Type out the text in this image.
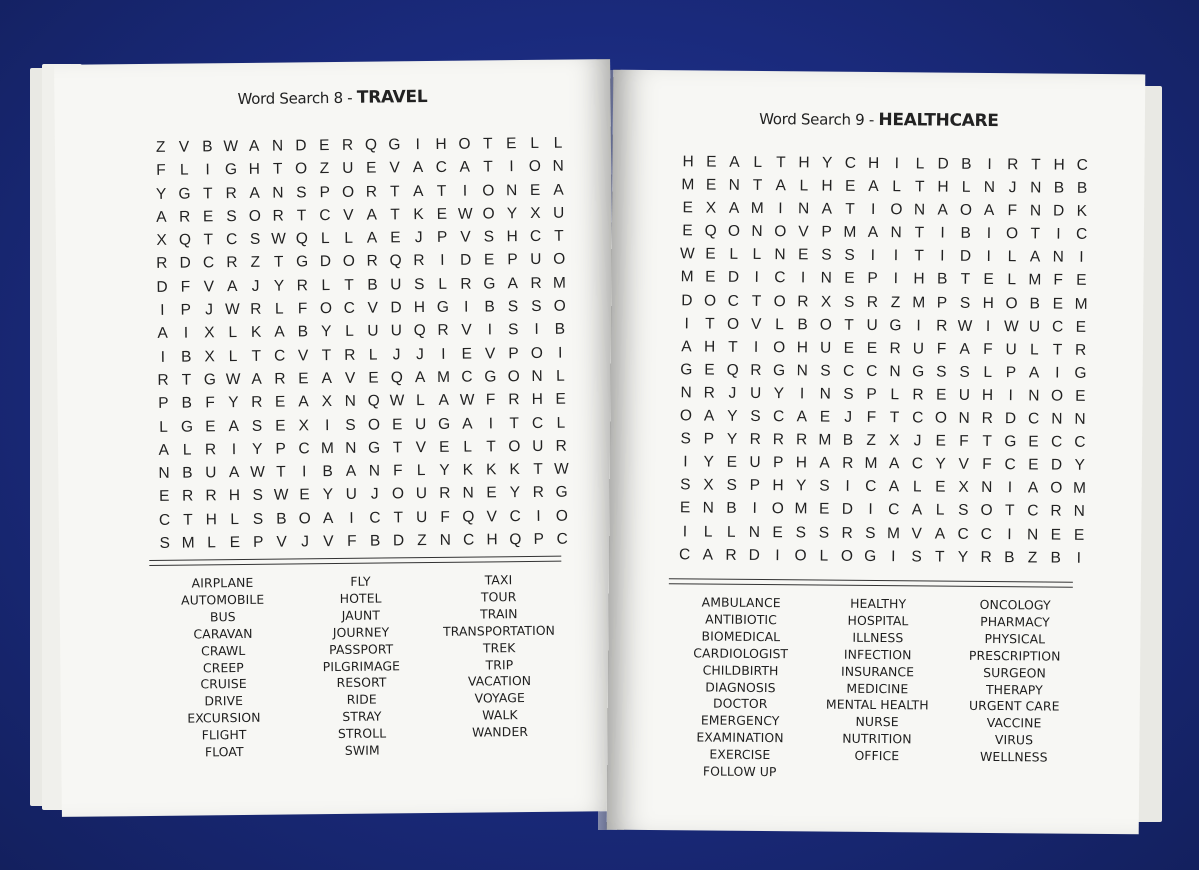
Word Search 8 - TRAVEL
Z V B W A N D E R Q G I H O T E L L
F L	I G H T O Z U E V A C A T	I O N
Y G T R A N S P O R T A T	I O N E A
A R E S O R T C V A T K E W O Y X U
X Q T C S W Q L L A E J P V S H C T
R D C R Z T G D O R Q R I D E P U O
D F V A J Y R L T B U S L R G A R M
I	P J W R L F O C V D H G I	B S S O
A	I	X L K A B Y L U U Q R V	I	S	I	B
I	B X L T C V T R L J J	I	E V P O I
R T G W A R E A V E Q A M C G O N L
P B F Y R E A X N Q W L A W F R H E
L G E A S E X	I	S O E U G A	I	T C L
A L R I	Y P C M N G T V E L T O U R
N B U A W T	I	B A N F L Y K K K T W
E R R H S W E Y U J O U R N E Y R G
C T H L S B O A	I C T U F Q V C I O
S M L E P V J V F B D Z N C H Q P C
AIRPLANE
AUTOMOBILE
BUS
CARAVAN
CRAWL
CREEP
CRUISE
DRIVE
EXCURSION
FLIGHT
FLOAT
FLY
HOTEL
JAUNT
JOURNEY
PASSPORT
PILGRIMAGE
RESORT
RIDE
STRAY
STROLL
SWIM
TAXI
TOUR
TRAIN
TRANSPORTATION
TREK
TRIP
VACATION
VOYAGE
WALK
WANDER
Word Search 9 - HEALTHCARE
H E A L T H Y C H I	L D B	I R T H C
M E N T A L H E A L T H L N J N B B
E X A M I N A T	I O N A O A F N D K
E Q O N O V P M A N T	I	B	I O T	I C
W E L L N E S S	I	I	T	I D I	L A N I
M E D I C I N E P	I H B T E L M F E
D O C T O R X S R Z M P S H O B E M
I	T O V L B O T U G I R W I W U C E
A H T	I O H U E E R U F A F U L T R
G E Q R G N S C C N G S S L P A	I G
N R J U Y	I N S P L R E U H I N O E
O A Y S C A E J F T C O N R D C N N
S P Y R R R M B Z X J E F T G E C C
I	Y E U P H A R M A C Y V F C E D Y
S X S P H Y S	I C A L E X N I	A O M
E N B	I O M E D I C A L S O T C R N
I	L L N E S S R S M V A C C I N E E
C A R D I O L O G I	S T Y R B Z B	I
AMBULANCE
ANTIBIOTIC
BIOMEDICAL
CARDIOLOGIST
CHILDBIRTH
DIAGNOSIS
DOCTOR
EMERGENCY
EXAMINATION
EXERCISE
FOLLOW UP
HEALTHY
HOSPITAL
ILLNESS
INFECTION
INSURANCE
MEDICINE
MENTAL HEALTH
NURSE
NUTRITION
OFFICE
ONCOLOGY
PHARMACY
PHYSICAL
PRESCRIPTION
SURGEON
THERAPY
URGENT CARE
VACCINE
VIRUS
WELLNESS
